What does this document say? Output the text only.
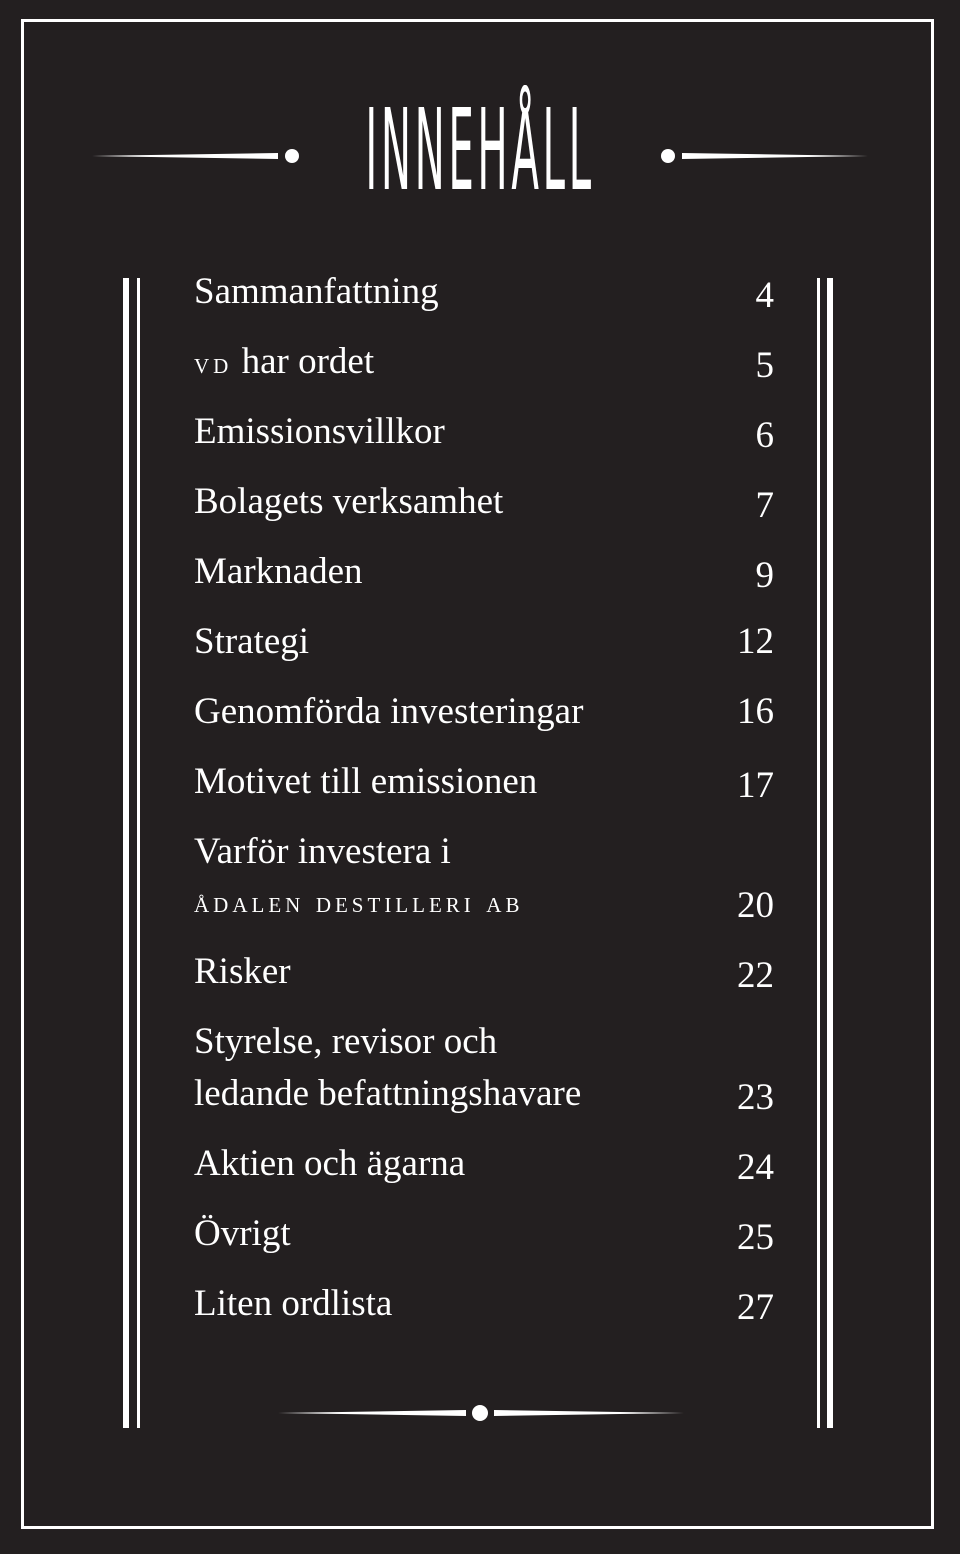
INNEHÅLL
Sammanfattning	4
vd har ordet	5
Emissionsvillkor	6
Bolagets verksamhet	7
Marknaden	9
Strategi	12
Genomförda investeringar	16
Motivet till emissionen	17
Varför investera i
ådalen destilleri ab	20
Risker	22
Styrelse, revisor och
ledande befattningshavare	23
Aktien och ägarna	24
Övrigt	25
Liten ordlista	27
